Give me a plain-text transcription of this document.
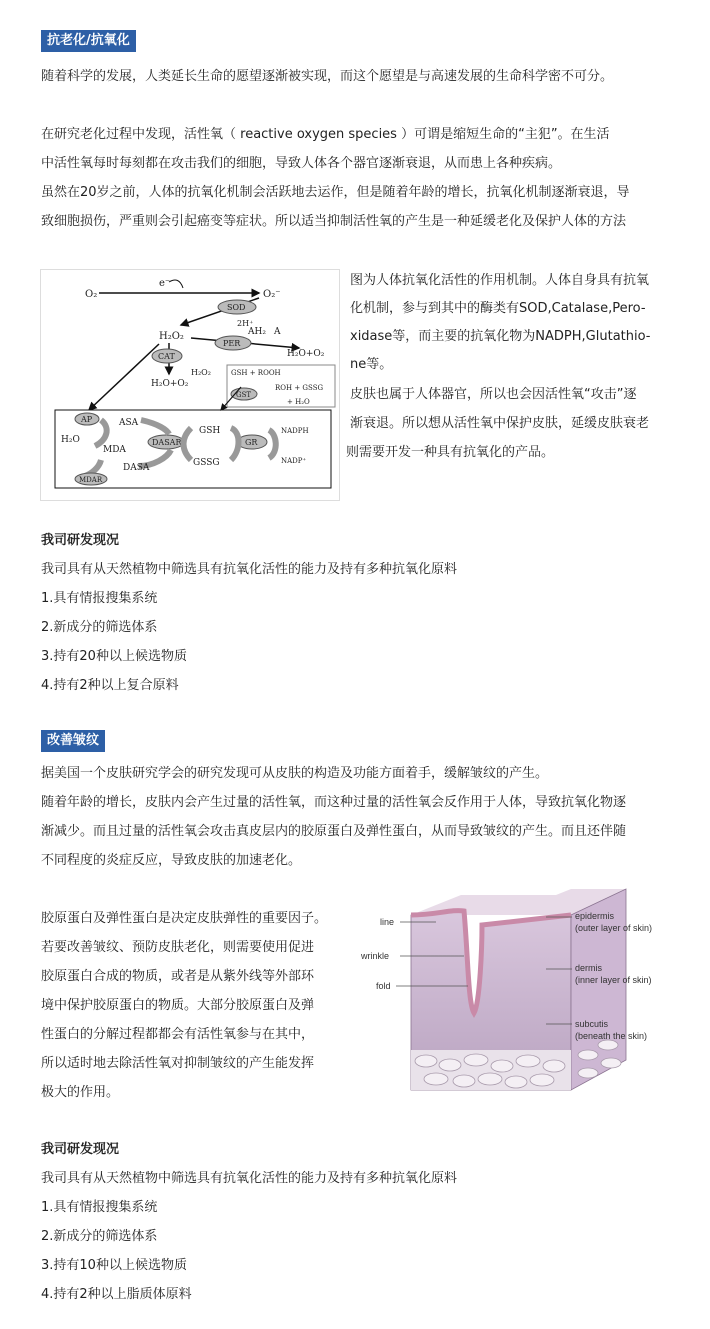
抗老化/抗氧化
随着科学的发展，人类延长生命的愿望逐渐被实现，而这个愿望是与高速发展的生命科学密不可分。
在研究老化过程中发现，活性氧（ reactive oxygen species ）可谓是缩短生命的“主犯”。在生活
中活性氧每时每刻都在攻击我们的细胞，导致人体各个器官逐渐衰退，从而患上各种疾病。
虽然在20岁之前，人体的抗氧化机制会活跃地去运作，但是随着年龄的增长，抗氧化机制逐渐衰退，导
致细胞损伤，严重则会引起癌变等症状。所以适当抑制活性氧的产生是一种延缓老化及保护人体的方法
O₂	O₂⁻
e⁻
SOD
2H⁺
H₂O₂
PER
AH₂ A
H₂O+O₂
CAT
H₂O₂
H₂O+O₂
GSH + ROOH
GST
ROH + GSSG
+ H₂O
AP	ASA
H₂O
MDA
DASAR
GSH
GSSG
GR
NADPH
NADP⁺
DASA
MDAR
图为人体抗氧化活性的作用机制。人体自身具有抗氧
化机制，参与到其中的酶类有SOD,Catalase,Pero-
xidase等，而主要的抗氧化物为NADPH,Glutathio-
ne等。
皮肤也属于人体器官，所以也会因活性氧“攻击”逐
渐衰退。所以想从活性氧中保护皮肤，延缓皮肤衰老
则需要开发一种具有抗氧化的产品。
我司研发现况
我司具有从天然植物中筛选具有抗氧化活性的能力及持有多种抗氧化原料
1.具有情报搜集系统
2.新成分的筛选体系
3.持有20种以上候选物质
4.持有2种以上复合原料
改善皱纹
据美国一个皮肤研究学会的研究发现可从皮肤的构造及功能方面着手，缓解皱纹的产生。
随着年龄的增长，皮肤内会产生过量的活性氧，而这种过量的活性氧会反作用于人体，导致抗氧化物逐
渐减少。而且过量的活性氧会攻击真皮层内的胶原蛋白及弹性蛋白，从而导致皱纹的产生。而且还伴随
不同程度的炎症反应，导致皮肤的加速老化。
胶原蛋白及弹性蛋白是决定皮肤弹性的重要因子。
若要改善皱纹、预防皮肤老化，则需要使用促进
胶原蛋白合成的物质，或者是从紫外线等外部环
境中保护胶原蛋白的物质。大部分胶原蛋白及弹
性蛋白的分解过程都都会有活性氧参与在其中，
所以适时地去除活性氧对抑制皱纹的产生能发挥
极大的作用。
line
wrinkle
fold
epidermis
(outer layer of skin)
dermis
(inner layer of skin)
subcutis
(beneath the skin)
我司研发现况
我司具有从天然植物中筛选具有抗氧化活性的能力及持有多种抗氧化原料
1.具有情报搜集系统
2.新成分的筛选体系
3.持有10种以上候选物质
4.持有2种以上脂质体原料
